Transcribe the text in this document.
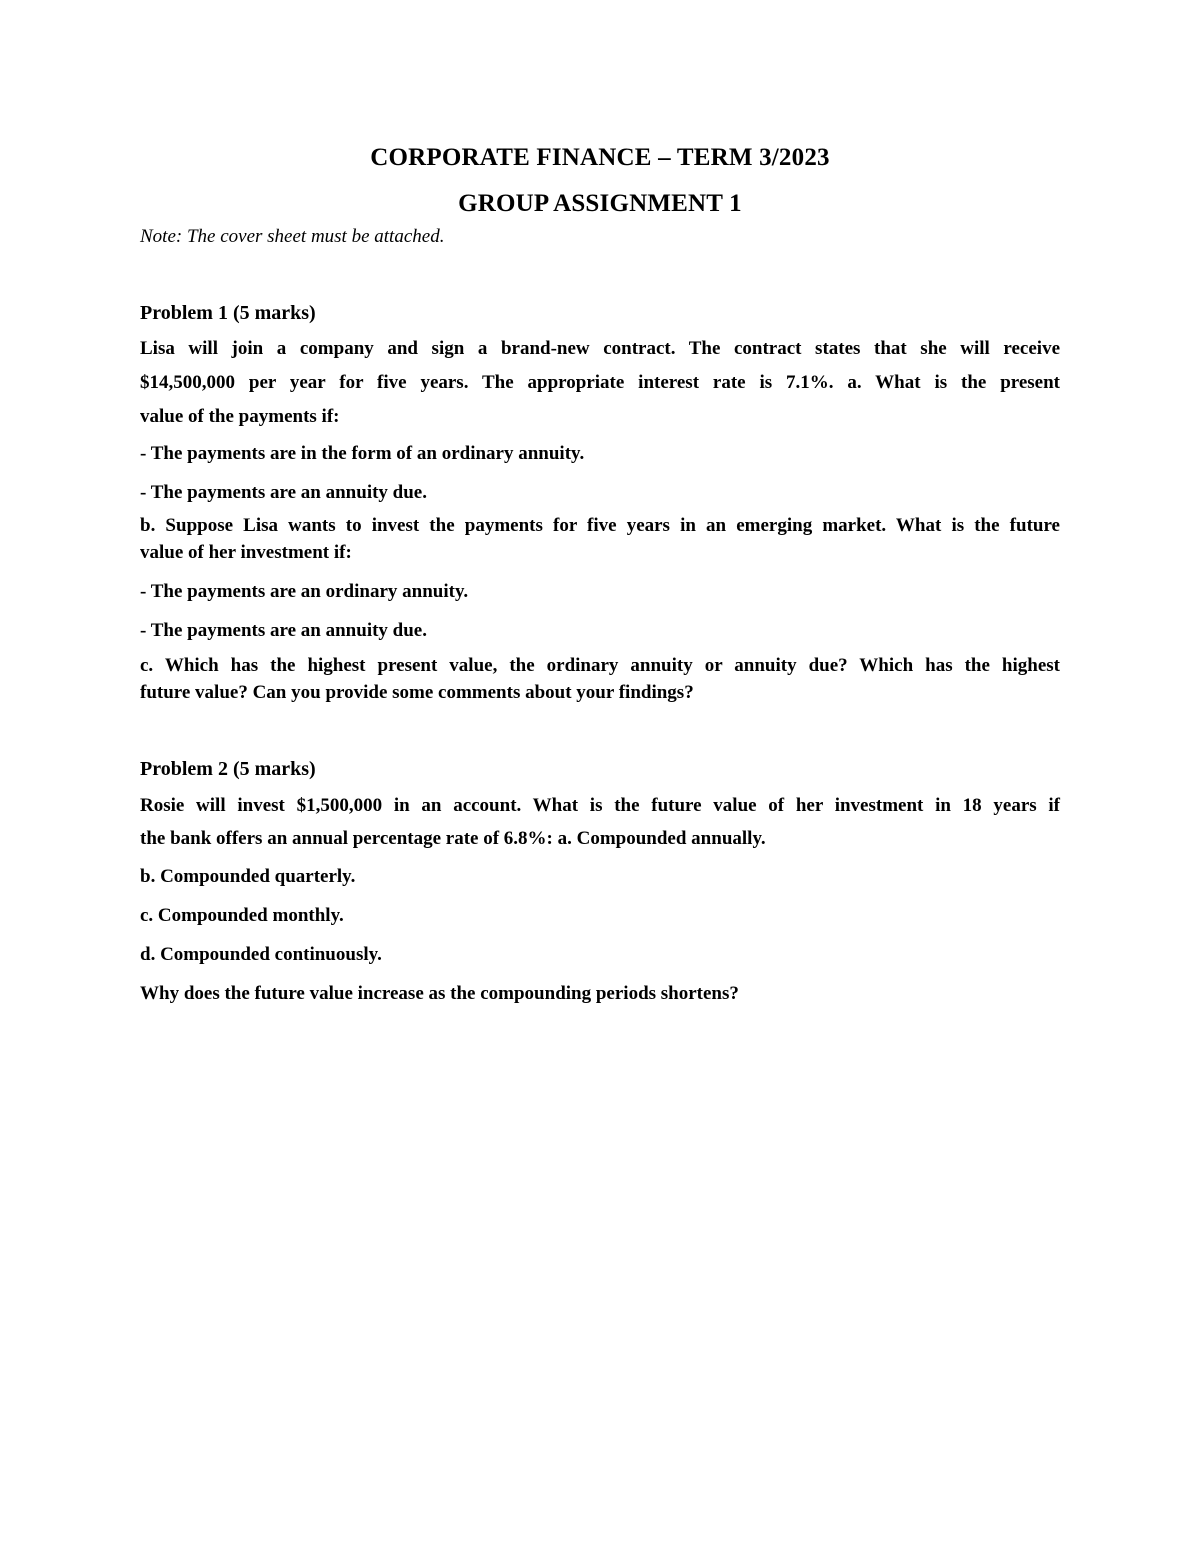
CORPORATE FINANCE – TERM 3/2023
GROUP ASSIGNMENT 1
Note: The cover sheet must be attached.
Problem 1 (5 marks)
Lisa will join a company and sign a brand-new contract. The contract states that she will receive
$14,500,000 per year for five years. The appropriate interest rate is 7.1%. a. What is the present
value of the payments if:
- The payments are in the form of an ordinary annuity.
- The payments are an annuity due.
b. Suppose Lisa wants to invest the payments for five years in an emerging market. What is the future
value of her investment if:
- The payments are an ordinary annuity.
- The payments are an annuity due.
c. Which has the highest present value, the ordinary annuity or annuity due? Which has the highest
future value? Can you provide some comments about your findings?
Problem 2 (5 marks)
Rosie will invest $1,500,000 in an account. What is the future value of her investment in 18 years if
the bank offers an annual percentage rate of 6.8%: a. Compounded annually.
b. Compounded quarterly.
c. Compounded monthly.
d. Compounded continuously.
Why does the future value increase as the compounding periods shortens?
